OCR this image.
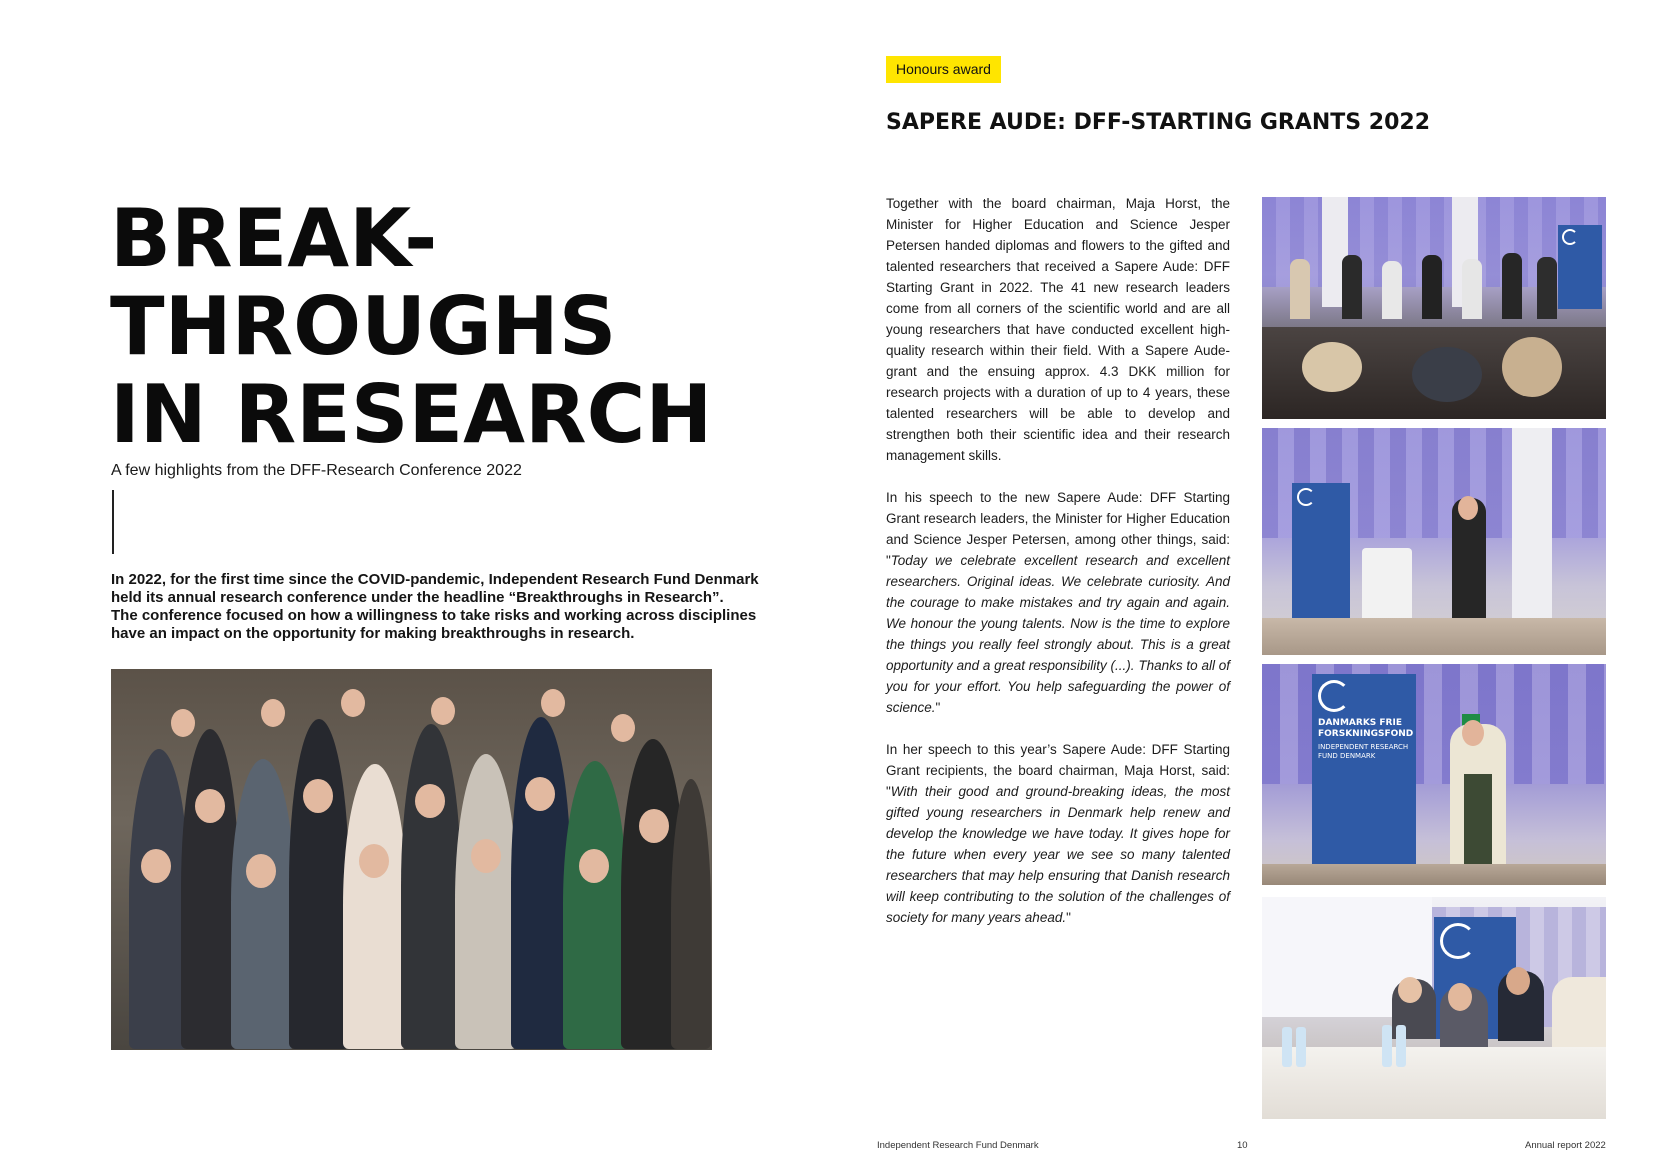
BREAK-
THROUGHS
IN RESEARCH
A few highlights from the DFF-Research Conference 2022

In 2022, for the first time since the COVID-pandemic, Independent Research Fund Denmark

held its annual research conference under the headline “Breakthroughs in Research”.

The conference focused on how a willingness to take risks and working across disciplines

have an impact on the opportunity for making breakthroughs in research.

Honours award
SAPERE AUDE: DFF-STARTING GRANTS 2022

Together with the board chairman, Maja Horst, the Minister for Higher Education and Science Jesper Petersen handed diplomas and flowers to the gifted and talented researchers that received a Sapere Aude: DFF Starting Grant in 2022. The 41 new research leaders come from all corners of the scientific world and are all young researchers that have conducted excellent high-quality research within their field. With a Sapere Aude-grant and the ensuing approx. 4.3 DKK million for research projects with a duration of up to 4 years, these talented researchers will be able to develop and strengthen both their scientific idea and their research management skills.

In his speech to the new Sapere Aude: DFF Starting Grant research leaders, the Minister for Higher Education and Science Jesper Petersen, among other things, said: "Today we celebrate excellent research and excellent researchers. Original ideas. We celebrate curiosity. And the courage to make mistakes and try again and again. We honour the young talents. Now is the time to explore the things you really feel strongly about. This is a great opportunity and a great responsibility (...). Thanks to all of you for your effort. You help safeguarding the power of science."

In her speech to this year’s Sapere Aude: DFF Starting Grant recipients, the board chairman, Maja Horst, said: "With their good and ground-breaking ideas, the most gifted young researchers in Denmark help renew and develop the knowledge we have today. It gives hope for the future when every year we see so many talented researchers that may help ensuring that Danish research will keep contributing to the solution of the challenges of society for many years ahead."

DANMARKS FRIE
FORSKNINGSFOND
INDEPENDENT RESEARCH
FUND DENMARK
Independent Research Fund Denmark	10	Annual report 2022
